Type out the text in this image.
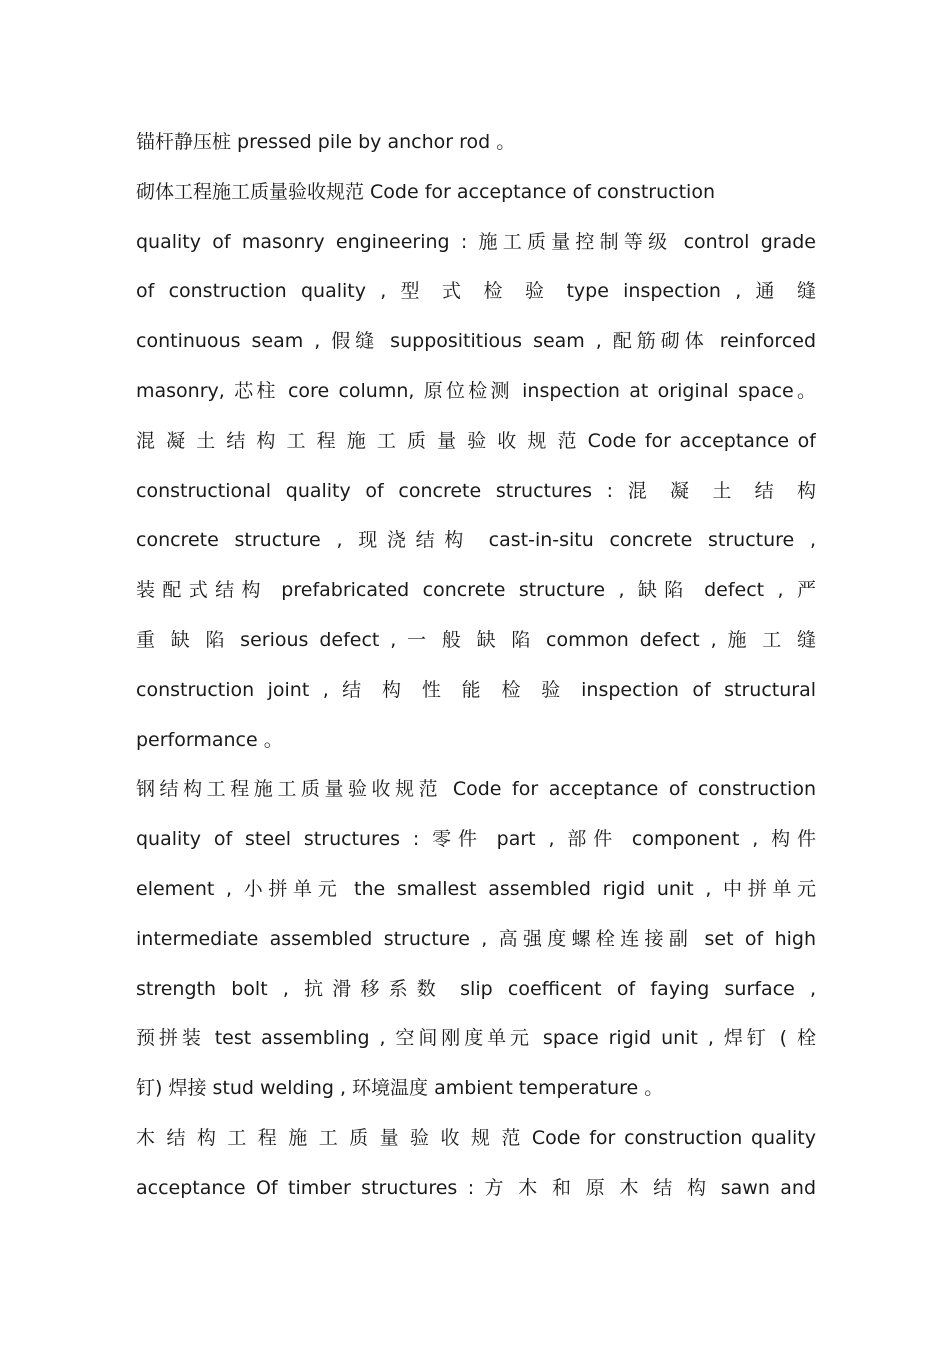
锚杆静压桩 pressed pile by anchor rod 。
砌体工程施工质量验收规范 Code for acceptance of construction
quality of masonry engineering : 施工质量控制等级 control grade
of construction quality , 型 式 检 验 type inspection , 通 缝
continuous seam , 假缝 supposititious seam , 配筋砌体 reinforced
masonry, 芯柱 core column, 原位检测 inspection at original space。
混 凝 土 结 构 工 程 施 工 质 量 验 收 规 范 Code for acceptance of
constructional quality of concrete structures : 混 凝 土 结 构
concrete structure , 现浇结构 cast-in-situ concrete structure ,
装配式结构 prefabricated concrete structure , 缺陷 defect , 严
重 缺 陷 serious defect , 一 般 缺 陷 common defect , 施 工 缝
construction joint , 结 构 性 能 检 验 inspection of structural
performance 。
钢结构工程施工质量验收规范 Code for acceptance of construction
quality of steel structures : 零件 part , 部件 component , 构件
element , 小拼单元 the smallest assembled rigid unit , 中拼单元
intermediate assembled structure , 高强度螺栓连接副 set of high
strength bolt , 抗滑移系数 slip coefficent of faying surface ,
预拼装 test assembling , 空间刚度单元 space rigid unit , 焊钉 ( 栓
钉) 焊接 stud welding , 环境温度 ambient temperature 。
木 结 构 工 程 施 工 质 量 验 收 规 范 Code for construction quality
acceptance Of timber structures : 方 木 和 原 木 结 构 sawn and
